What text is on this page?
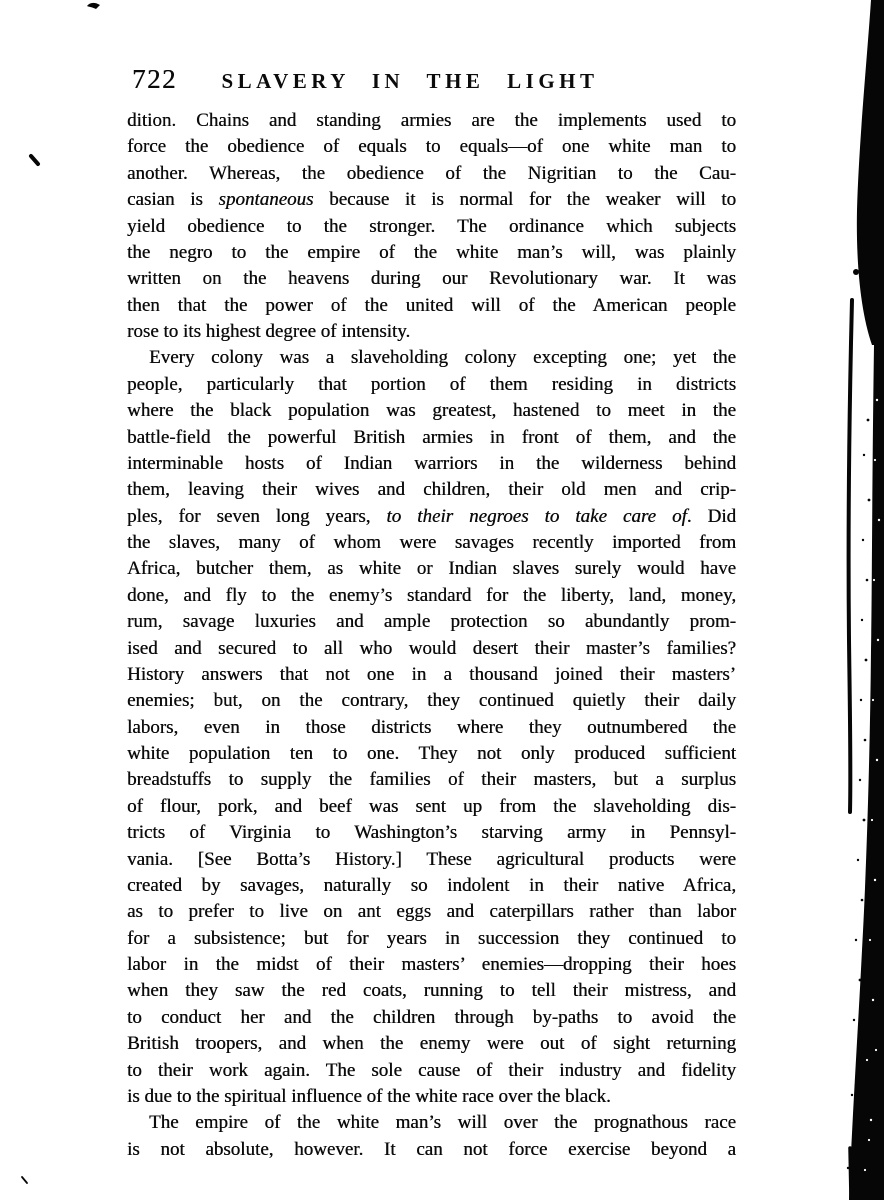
722	SLAVERY IN THE LIGHT
dition. Chains and standing armies are the implements used to
force the obedience of equals to equals—of one white man to
another. Whereas, the obedience of the Nigritian to the Cau-
casian is spontaneous because it is normal for the weaker will to
yield obedience to the stronger. The ordinance which subjects
the negro to the empire of the white man’s will, was plainly
written on the heavens during our Revolutionary war. It was
then that the power of the united will of the American people
rose to its highest degree of intensity.
Every colony was a slaveholding colony excepting one; yet the
people, particularly that portion of them residing in districts
where the black population was greatest, hastened to meet in the
battle-field the powerful British armies in front of them, and the
interminable hosts of Indian warriors in the wilderness behind
them, leaving their wives and children, their old men and crip-
ples, for seven long years, to their negroes to take care of. Did
the slaves, many of whom were savages recently imported from
Africa, butcher them, as white or Indian slaves surely would have
done, and fly to the enemy’s standard for the liberty, land, money,
rum, savage luxuries and ample protection so abundantly prom-
ised and secured to all who would desert their master’s families?
History answers that not one in a thousand joined their masters’
enemies; but, on the contrary, they continued quietly their daily
labors, even in those districts where they outnumbered the
white population ten to one. They not only produced sufficient
breadstuffs to supply the families of their masters, but a surplus
of flour, pork, and beef was sent up from the slaveholding dis-
tricts of Virginia to Washington’s starving army in Pennsyl-
vania. [See Botta’s History.] These agricultural products were
created by savages, naturally so indolent in their native Africa,
as to prefer to live on ant eggs and caterpillars rather than labor
for a subsistence; but for years in succession they continued to
labor in the midst of their masters’ enemies—dropping their hoes
when they saw the red coats, running to tell their mistress, and
to conduct her and the children through by-paths to avoid the
British troopers, and when the enemy were out of sight returning
to their work again. The sole cause of their industry and fidelity
is due to the spiritual influence of the white race over the black.
The empire of the white man’s will over the prognathous race
is not absolute, however. It can not force exercise beyond a
